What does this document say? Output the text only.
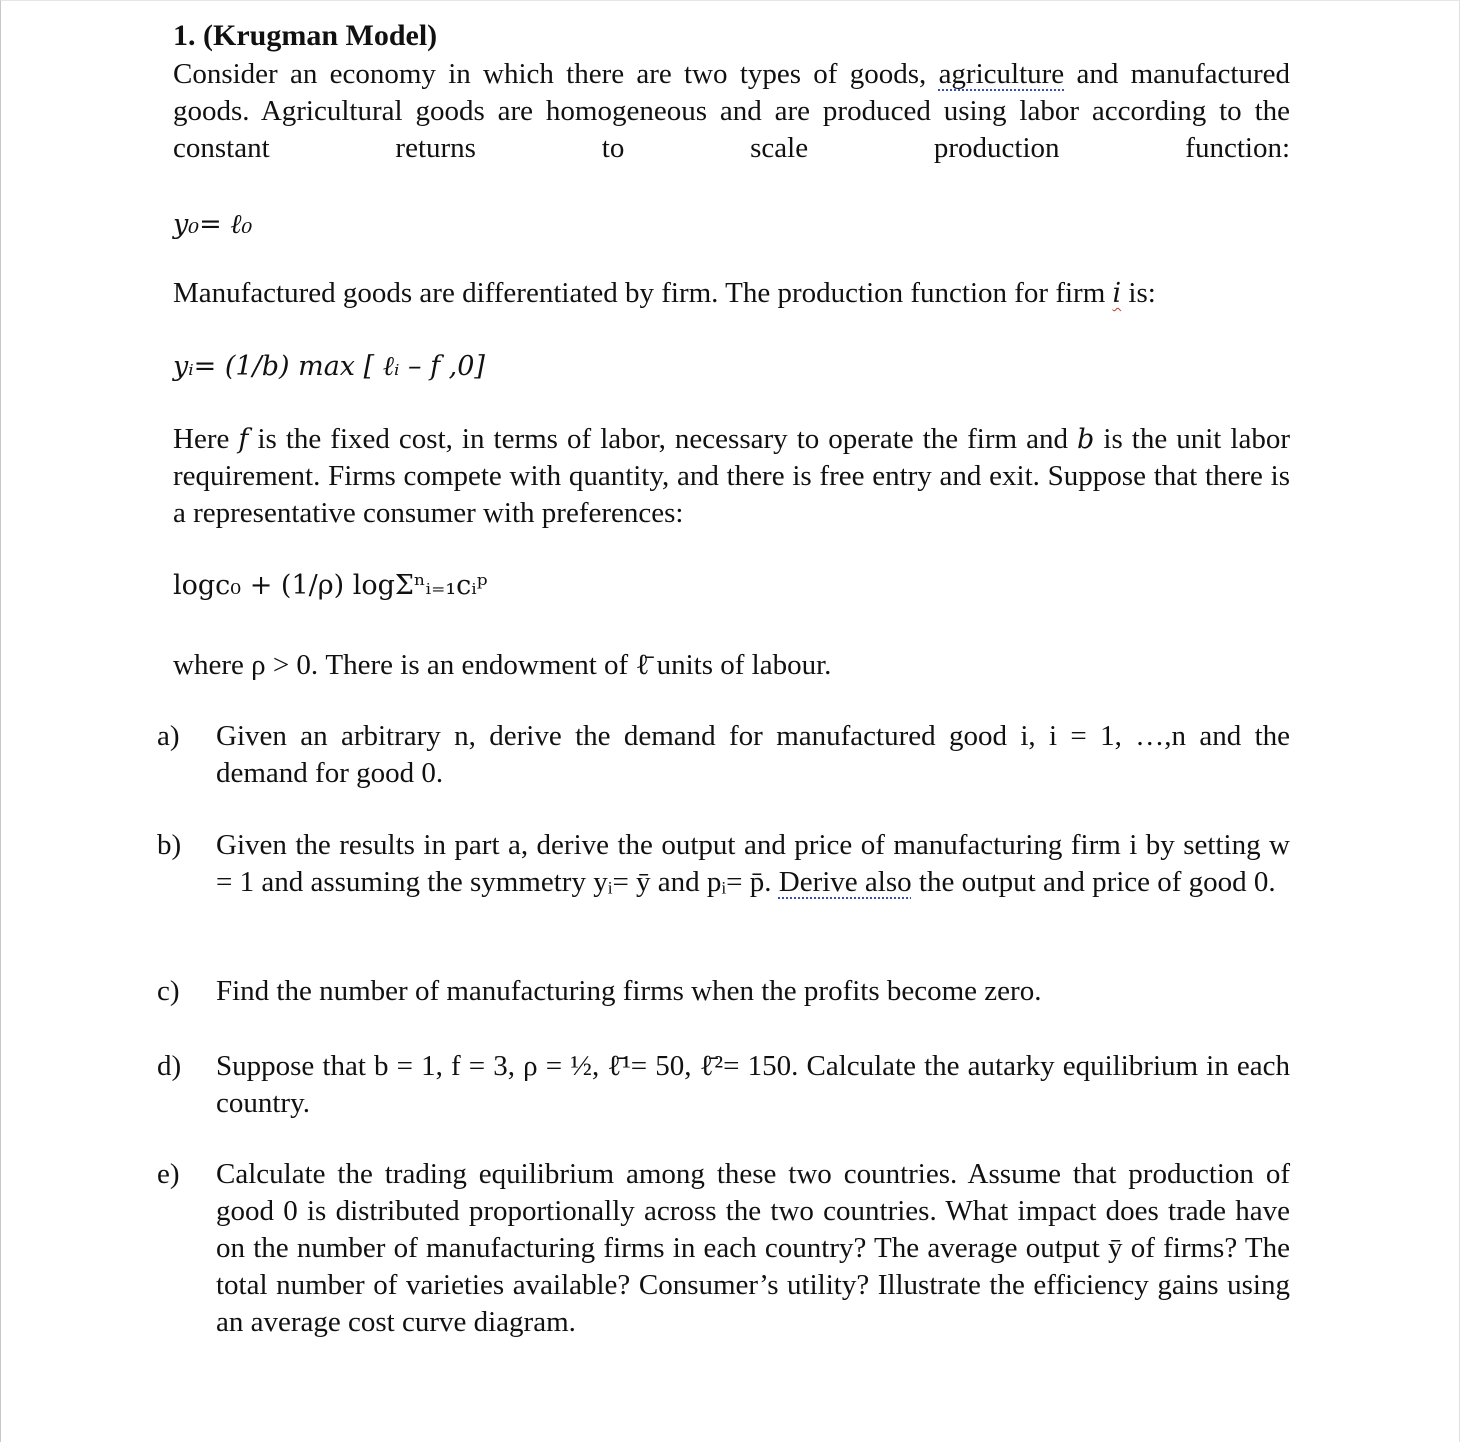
1. (Krugman Model)
Consider an economy in which there are two types of goods, agriculture and manufactured goods. Agricultural goods are homogeneous and are produced using labor according to the constant returns to scale production function:
y₀= ℓ₀
Manufactured goods are differentiated by firm. The production function for firm i is:
yᵢ= (1/b) max [ ℓᵢ – f ,0]
Here f is the fixed cost, in terms of labor, necessary to operate the firm and b is the unit labor requirement. Firms compete with quantity, and there is free entry and exit. Suppose that there is a representative consumer with preferences:
logc₀ + (1/ρ) logΣⁿᵢ₌₁cᵢᵖ
where ρ > 0. There is an endowment of ℓ̄ units of labour.
a)	Given an arbitrary n, derive the demand for manufactured good i, i = 1, …,n and the demand for good 0.
b)	Given the results in part a, derive the output and price of manufacturing firm i by setting w = 1 and assuming the symmetry yᵢ= ȳ and pᵢ= p̄. Derive also the output and price of good 0.
c)	Find the number of manufacturing firms when the profits become zero.
d)	Suppose that b = 1, f = 3, ρ = ½, ℓ̄¹= 50, ℓ̄²= 150. Calculate the autarky equilibrium in each country.
e)	Calculate the trading equilibrium among these two countries. Assume that production of good 0 is distributed proportionally across the two countries. What impact does trade have on the number of manufacturing firms in each country? The average output ȳ of firms? The total number of varieties available? Consumer’s utility? Illustrate the efficiency gains using an average cost curve diagram.
